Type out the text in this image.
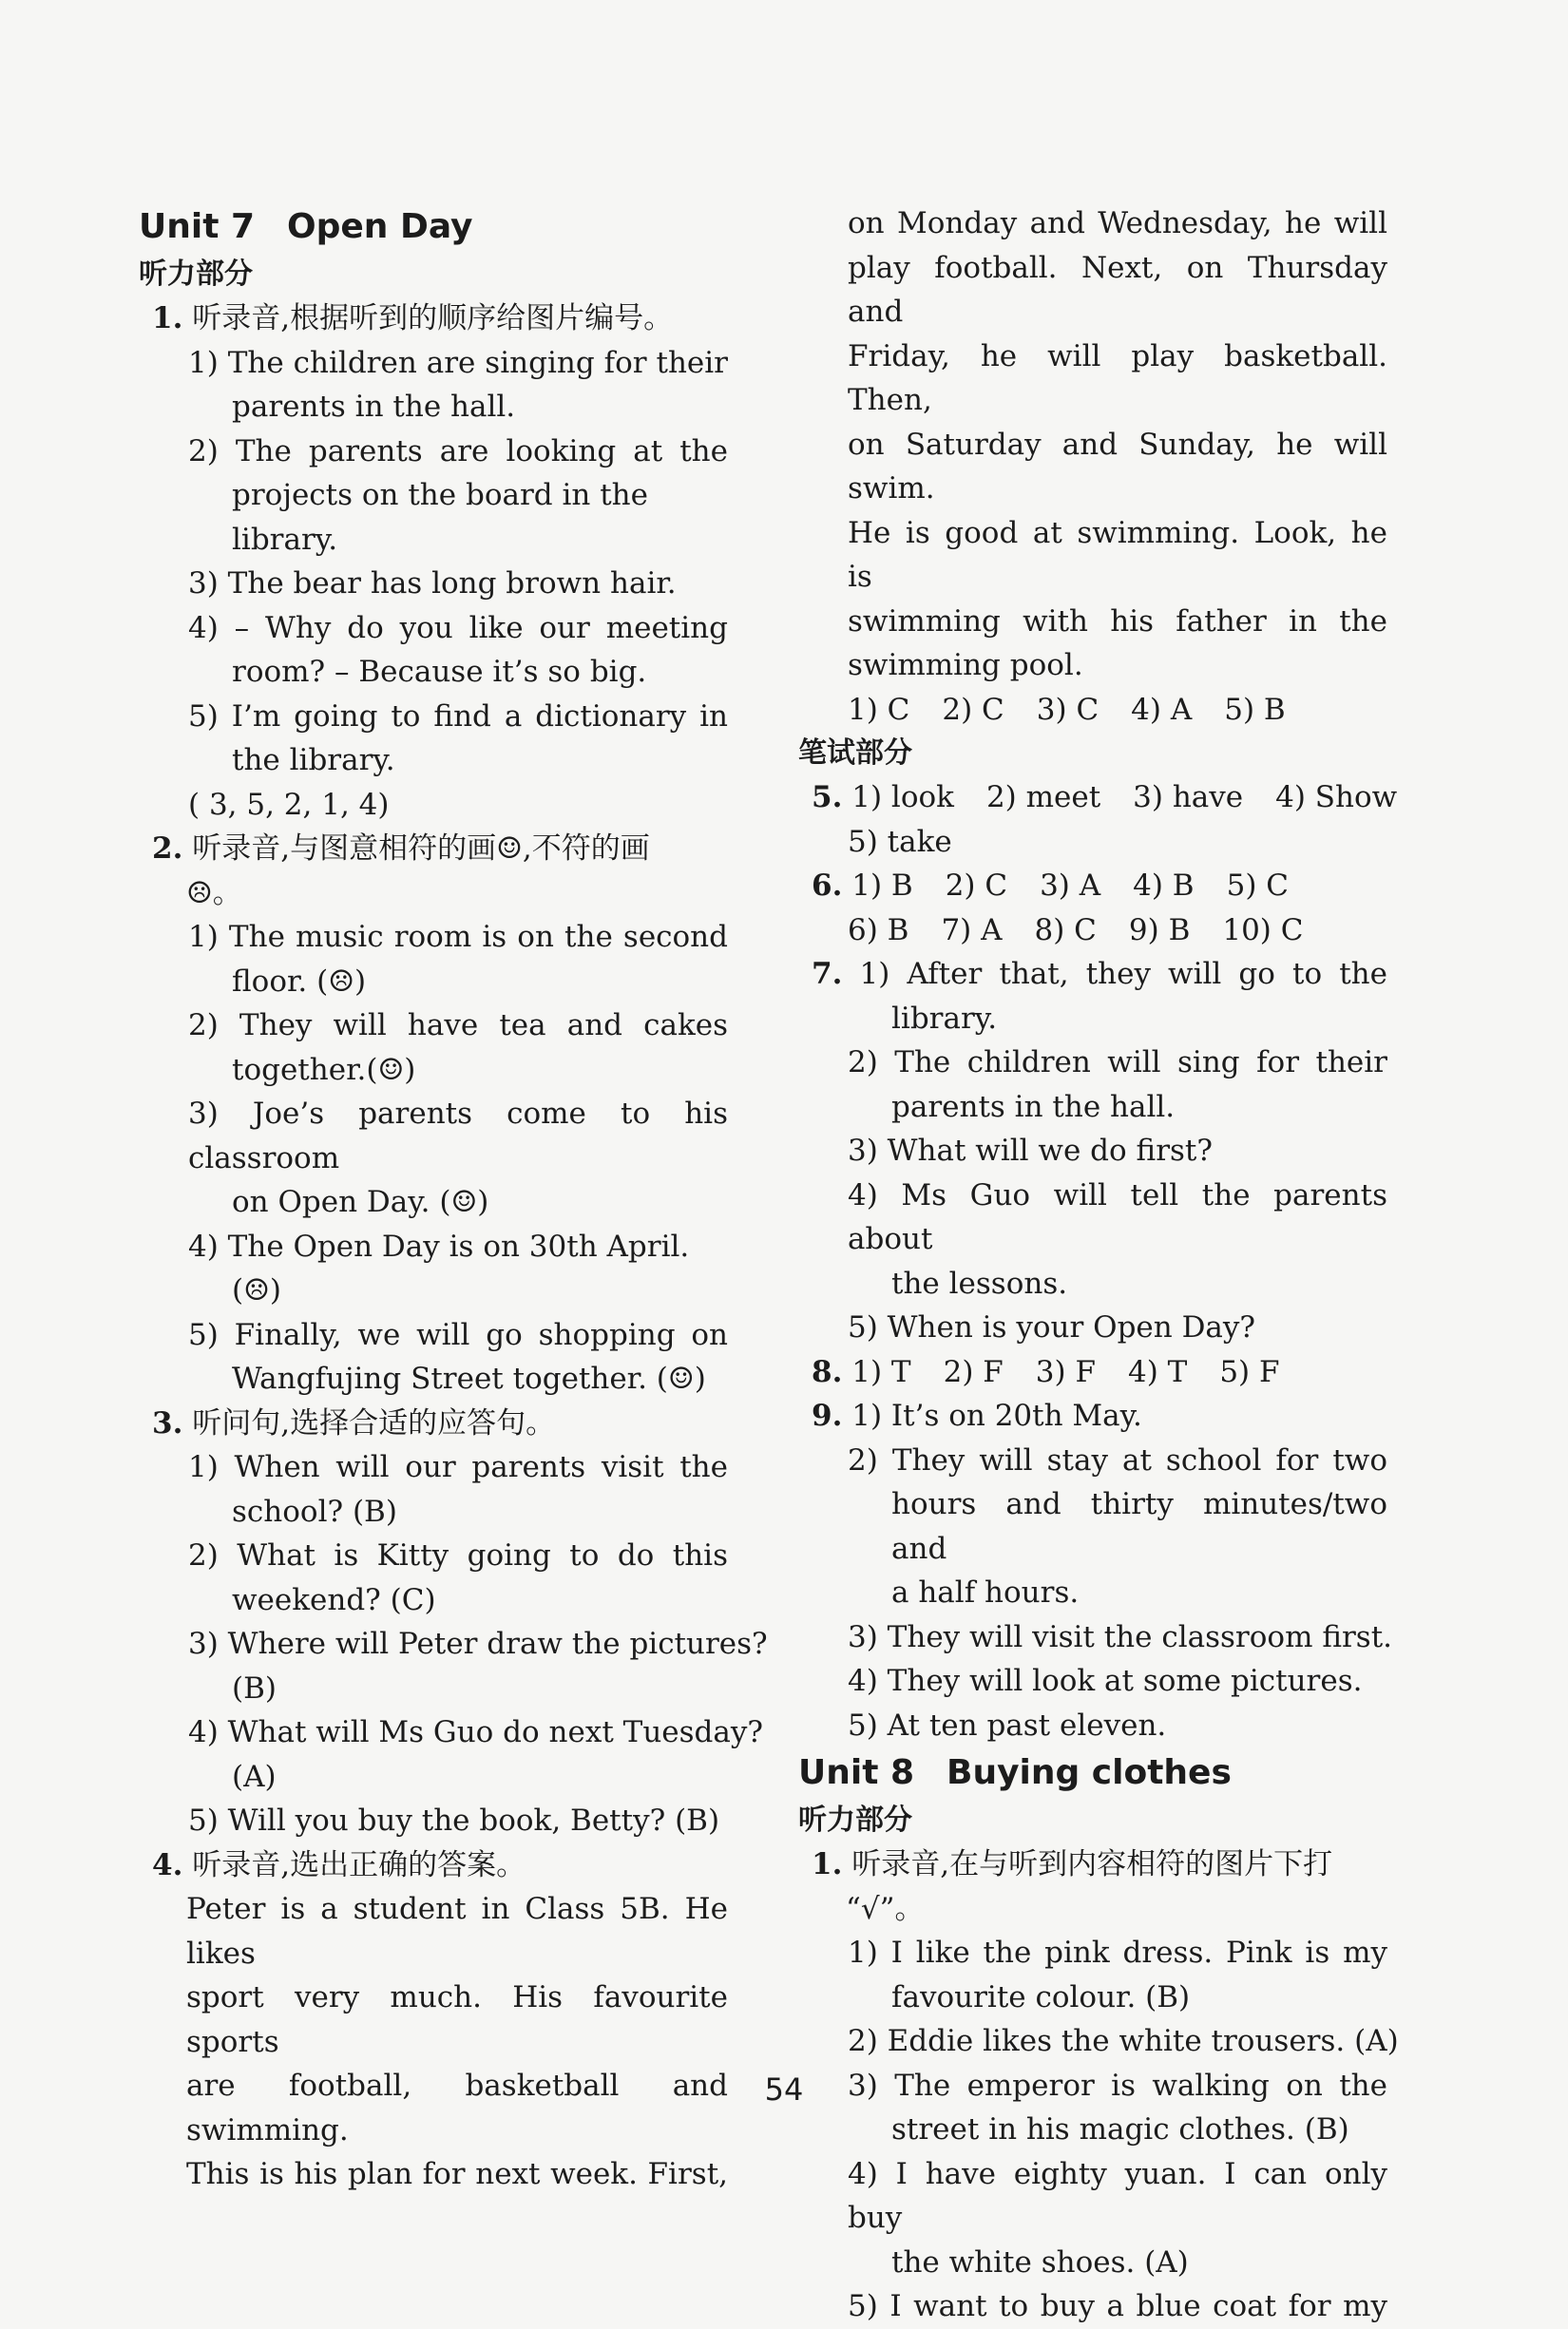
Unit 7 Open Day
听力部分
1. 听录音,根据听到的顺序给图片编号。
1) The children are singing for their
parents in the hall.
2) The parents are looking at the
projects on the board in the
library.
3) The bear has long brown hair.
4) – Why do you like our meeting
room? – Because it’s so big.
5) I’m going to find a dictionary in
the library.
( 3, 5, 2, 1, 4)
2. 听录音,与图意相符的画☺,不符的画
☹。
1) The music room is on the second
floor. (☹)
2) They will have tea and cakes
together.(☺)
3) Joe’s parents come to his classroom
on Open Day. (☺)
4) The Open Day is on 30th April.
(☹)
5) Finally, we will go shopping on
Wangfujing Street together. (☺)
3. 听问句,选择合适的应答句。
1) When will our parents visit the
school? (B)
2) What is Kitty going to do this
weekend? (C)
3) Where will Peter draw the pictures?
(B)
4) What will Ms Guo do next Tuesday?
(A)
5) Will you buy the book, Betty? (B)
4. 听录音,选出正确的答案。
Peter is a student in Class 5B. He likes
sport very much. His favourite sports
are football, basketball and swimming.
This is his plan for next week. First,
on Monday and Wednesday, he will
play football. Next, on Thursday and
Friday, he will play basketball. Then,
on Saturday and Sunday, he will swim.
He is good at swimming. Look, he is
swimming with his father in the
swimming pool.
1) C 2) C 3) C 4) A 5) B
笔试部分
5. 1) look 2) meet 3) have 4) Show
5) take
6. 1) B 2) C 3) A 4) B 5) C
6) B 7) A 8) C 9) B 10) C
7. 1) After that, they will go to the
library.
2) The children will sing for their
parents in the hall.
3) What will we do first?
4) Ms Guo will tell the parents about
the lessons.
5) When is your Open Day?
8. 1) T 2) F 3) F 4) T 5) F
9. 1) It’s on 20th May.
2) They will stay at school for two
hours and thirty minutes/two and
a half hours.
3) They will visit the classroom first.
4) They will look at some pictures.
5) At ten past eleven.
Unit 8 Buying clothes
听力部分
1. 听录音,在与听到内容相符的图片下打
“√”。
1) I like the pink dress. Pink is my
favourite colour. (B)
2) Eddie likes the white trousers. (A)
3) The emperor is walking on the
street in his magic clothes. (B)
4) I have eighty yuan. I can only buy
the white shoes. (A)
5) I want to buy a blue coat for my
54
